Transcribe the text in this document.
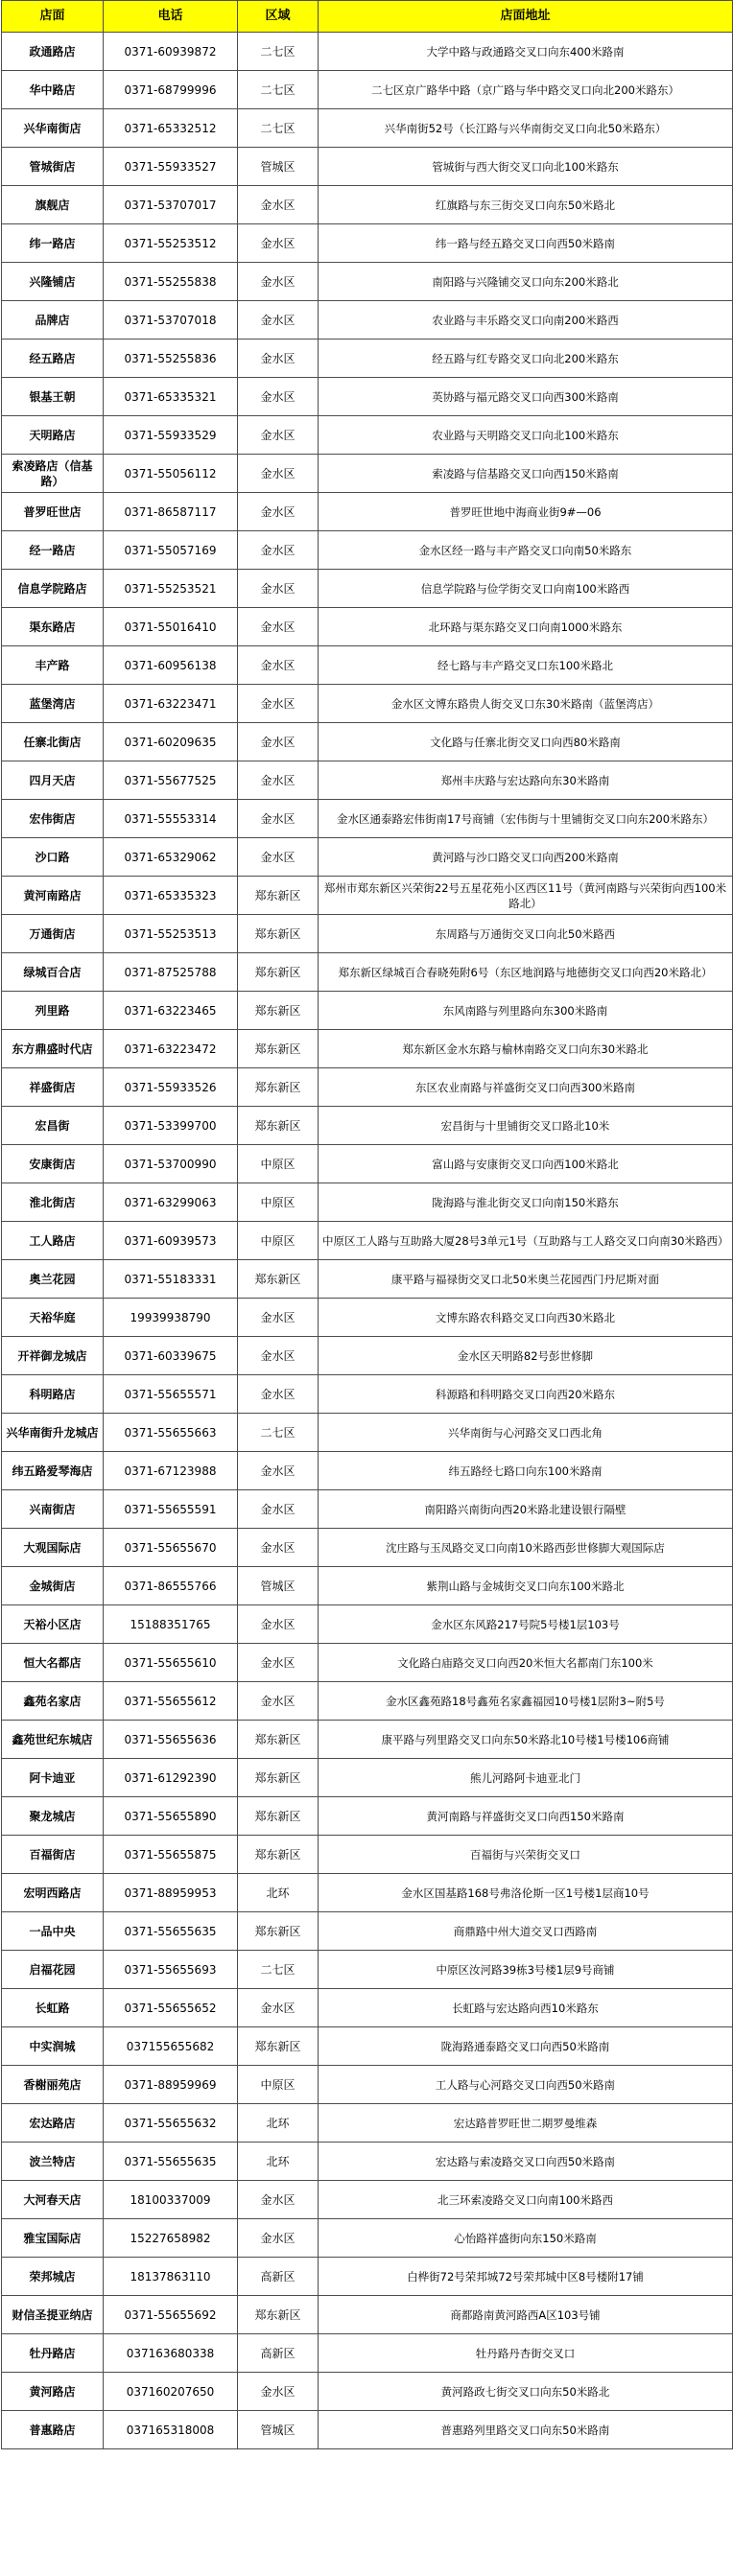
店面	电话	区域	店面地址
政通路店	0371-60939872	二七区	大学中路与政通路交叉口向东400米路南
华中路店	0371-68799996	二七区	二七区京广路华中路（京广路与华中路交叉口向北200米路东）
兴华南街店	0371-65332512	二七区	兴华南街52号（长江路与兴华南街交叉口向北50米路东）
管城街店	0371-55933527	管城区	管城街与西大街交叉口向北100米路东
旗舰店	0371-53707017	金水区	红旗路与东三街交叉口向东50米路北
纬一路店	0371-55253512	金水区	纬一路与经五路交叉口向西50米路南
兴隆铺店	0371-55255838	金水区	南阳路与兴隆铺交叉口向东200米路北
品牌店	0371-53707018	金水区	农业路与丰乐路交叉口向南200米路西
经五路店	0371-55255836	金水区	经五路与红专路交叉口向北200米路东
银基王朝	0371-65335321	金水区	英协路与福元路交叉口向西300米路南
天明路店	0371-55933529	金水区	农业路与天明路交叉口向北100米路东
索凌路店（信基路）	0371-55056112	金水区	索凌路与信基路交叉口向西150米路南
普罗旺世店	0371-86587117	金水区	普罗旺世地中海商业街9#—06
经一路店	0371-55057169	金水区	金水区经一路与丰产路交叉口向南50米路东
信息学院路店	0371-55253521	金水区	信息学院路与俭学街交叉口向南100米路西
渠东路店	0371-55016410	金水区	北环路与渠东路交叉口向南1000米路东
丰产路	0371-60956138	金水区	经七路与丰产路交叉口东100米路北
蓝堡湾店	0371-63223471	金水区	金水区文博东路贵人街交叉口东30米路南（蓝堡湾店）
任寨北街店	0371-60209635	金水区	文化路与任寨北街交叉口向西80米路南
四月天店	0371-55677525	金水区	郑州丰庆路与宏达路向东30米路南
宏伟街店	0371-55553314	金水区	金水区通泰路宏伟街南17号商铺（宏伟街与十里铺街交叉口向东200米路东）
沙口路	0371-65329062	金水区	黄河路与沙口路交叉口向西200米路南
黄河南路店	0371-65335323	郑东新区	郑州市郑东新区兴荣街22号五星花苑小区西区11号（黄河南路与兴荣街向西100米路北）
万通街店	0371-55253513	郑东新区	东周路与万通街交叉口向北50米路西
绿城百合店	0371-87525788	郑东新区	郑东新区绿城百合春晓苑附6号（东区地润路与地德街交叉口向西20米路北）
列里路	0371-63223465	郑东新区	东风南路与列里路向东300米路南
东方鼎盛时代店	0371-63223472	郑东新区	郑东新区金水东路与榆林南路交叉口向东30米路北
祥盛街店	0371-55933526	郑东新区	东区农业南路与祥盛街交叉口向西300米路南
宏昌街	0371-53399700	郑东新区	宏昌街与十里铺街交叉口路北10米
安康街店	0371-53700990	中原区	富山路与安康街交叉口向西100米路北
淮北街店	0371-63299063	中原区	陇海路与淮北街交叉口向南150米路东
工人路店	0371-60939573	中原区	中原区工人路与互助路大厦28号3单元1号（互助路与工人路交叉口向南30米路西）
奥兰花园	0371-55183331	郑东新区	康平路与福禄街交叉口北50米奥兰花园西门丹尼斯对面
天裕华庭	19939938790	金水区	文博东路农科路交叉口向西30米路北
开祥御龙城店	0371-60339675	金水区	金水区天明路82号彭世修脚
科明路店	0371-55655571	金水区	科源路和科明路交叉口向西20米路东
兴华南街升龙城店	0371-55655663	二七区	兴华南街与心河路交叉口西北角
纬五路爱琴海店	0371-67123988	金水区	纬五路经七路口向东100米路南
兴南街店	0371-55655591	金水区	南阳路兴南街向西20米路北建设银行隔壁
大观国际店	0371-55655670	金水区	沈庄路与玉凤路交叉口向南10米路西彭世修脚大观国际店
金城街店	0371-86555766	管城区	紫荆山路与金城街交叉口向东100米路北
天裕小区店	15188351765	金水区	金水区东风路217号院5号楼1层103号
恒大名都店	0371-55655610	金水区	文化路白庙路交叉口向西20米恒大名都南门东100米
鑫苑名家店	0371-55655612	金水区	金水区鑫苑路18号鑫苑名家鑫福园10号楼1层附3~附5号
鑫苑世纪东城店	0371-55655636	郑东新区	康平路与列里路交叉口向东50米路北10号楼1号楼106商铺
阿卡迪亚	0371-61292390	郑东新区	熊儿河路阿卡迪亚北门
聚龙城店	0371-55655890	郑东新区	黄河南路与祥盛街交叉口向西150米路南
百福街店	0371-55655875	郑东新区	百福街与兴荣街交叉口
宏明西路店	0371-88959953	北环	金水区国基路168号弗洛伦斯一区1号楼1层商10号
一品中央	0371-55655635	郑东新区	商鼎路中州大道交叉口西路南
启福花园	0371-55655693	二七区	中原区汝河路39栋3号楼1层9号商铺
长虹路	0371-55655652	金水区	长虹路与宏达路向西10米路东
中实润城	037155655682	郑东新区	陇海路通泰路交叉口向西50米路南
香榭丽苑店	0371-88959969	中原区	工人路与心河路交叉口向西50米路南
宏达路店	0371-55655632	北环	宏达路普罗旺世二期罗曼维森
波兰特店	0371-55655635	北环	宏达路与索凌路交叉口向西50米路南
大河春天店	18100337009	金水区	北三环索凌路交叉口向南100米路西
雅宝国际店	15227658982	金水区	心怡路祥盛街向东150米路南
荣邦城店	18137863110	高新区	白桦街72号荣邦城72号荣邦城中区8号楼附17铺
财信圣提亚纳店	0371-55655692	郑东新区	商都路南黄河路西A区103号铺
牡丹路店	037163680338	高新区	牡丹路丹杏街交叉口
黄河路店	037160207650	金水区	黄河路政七街交叉口向东50米路北
普惠路店	037165318008	管城区	普惠路列里路交叉口向东50米路南
